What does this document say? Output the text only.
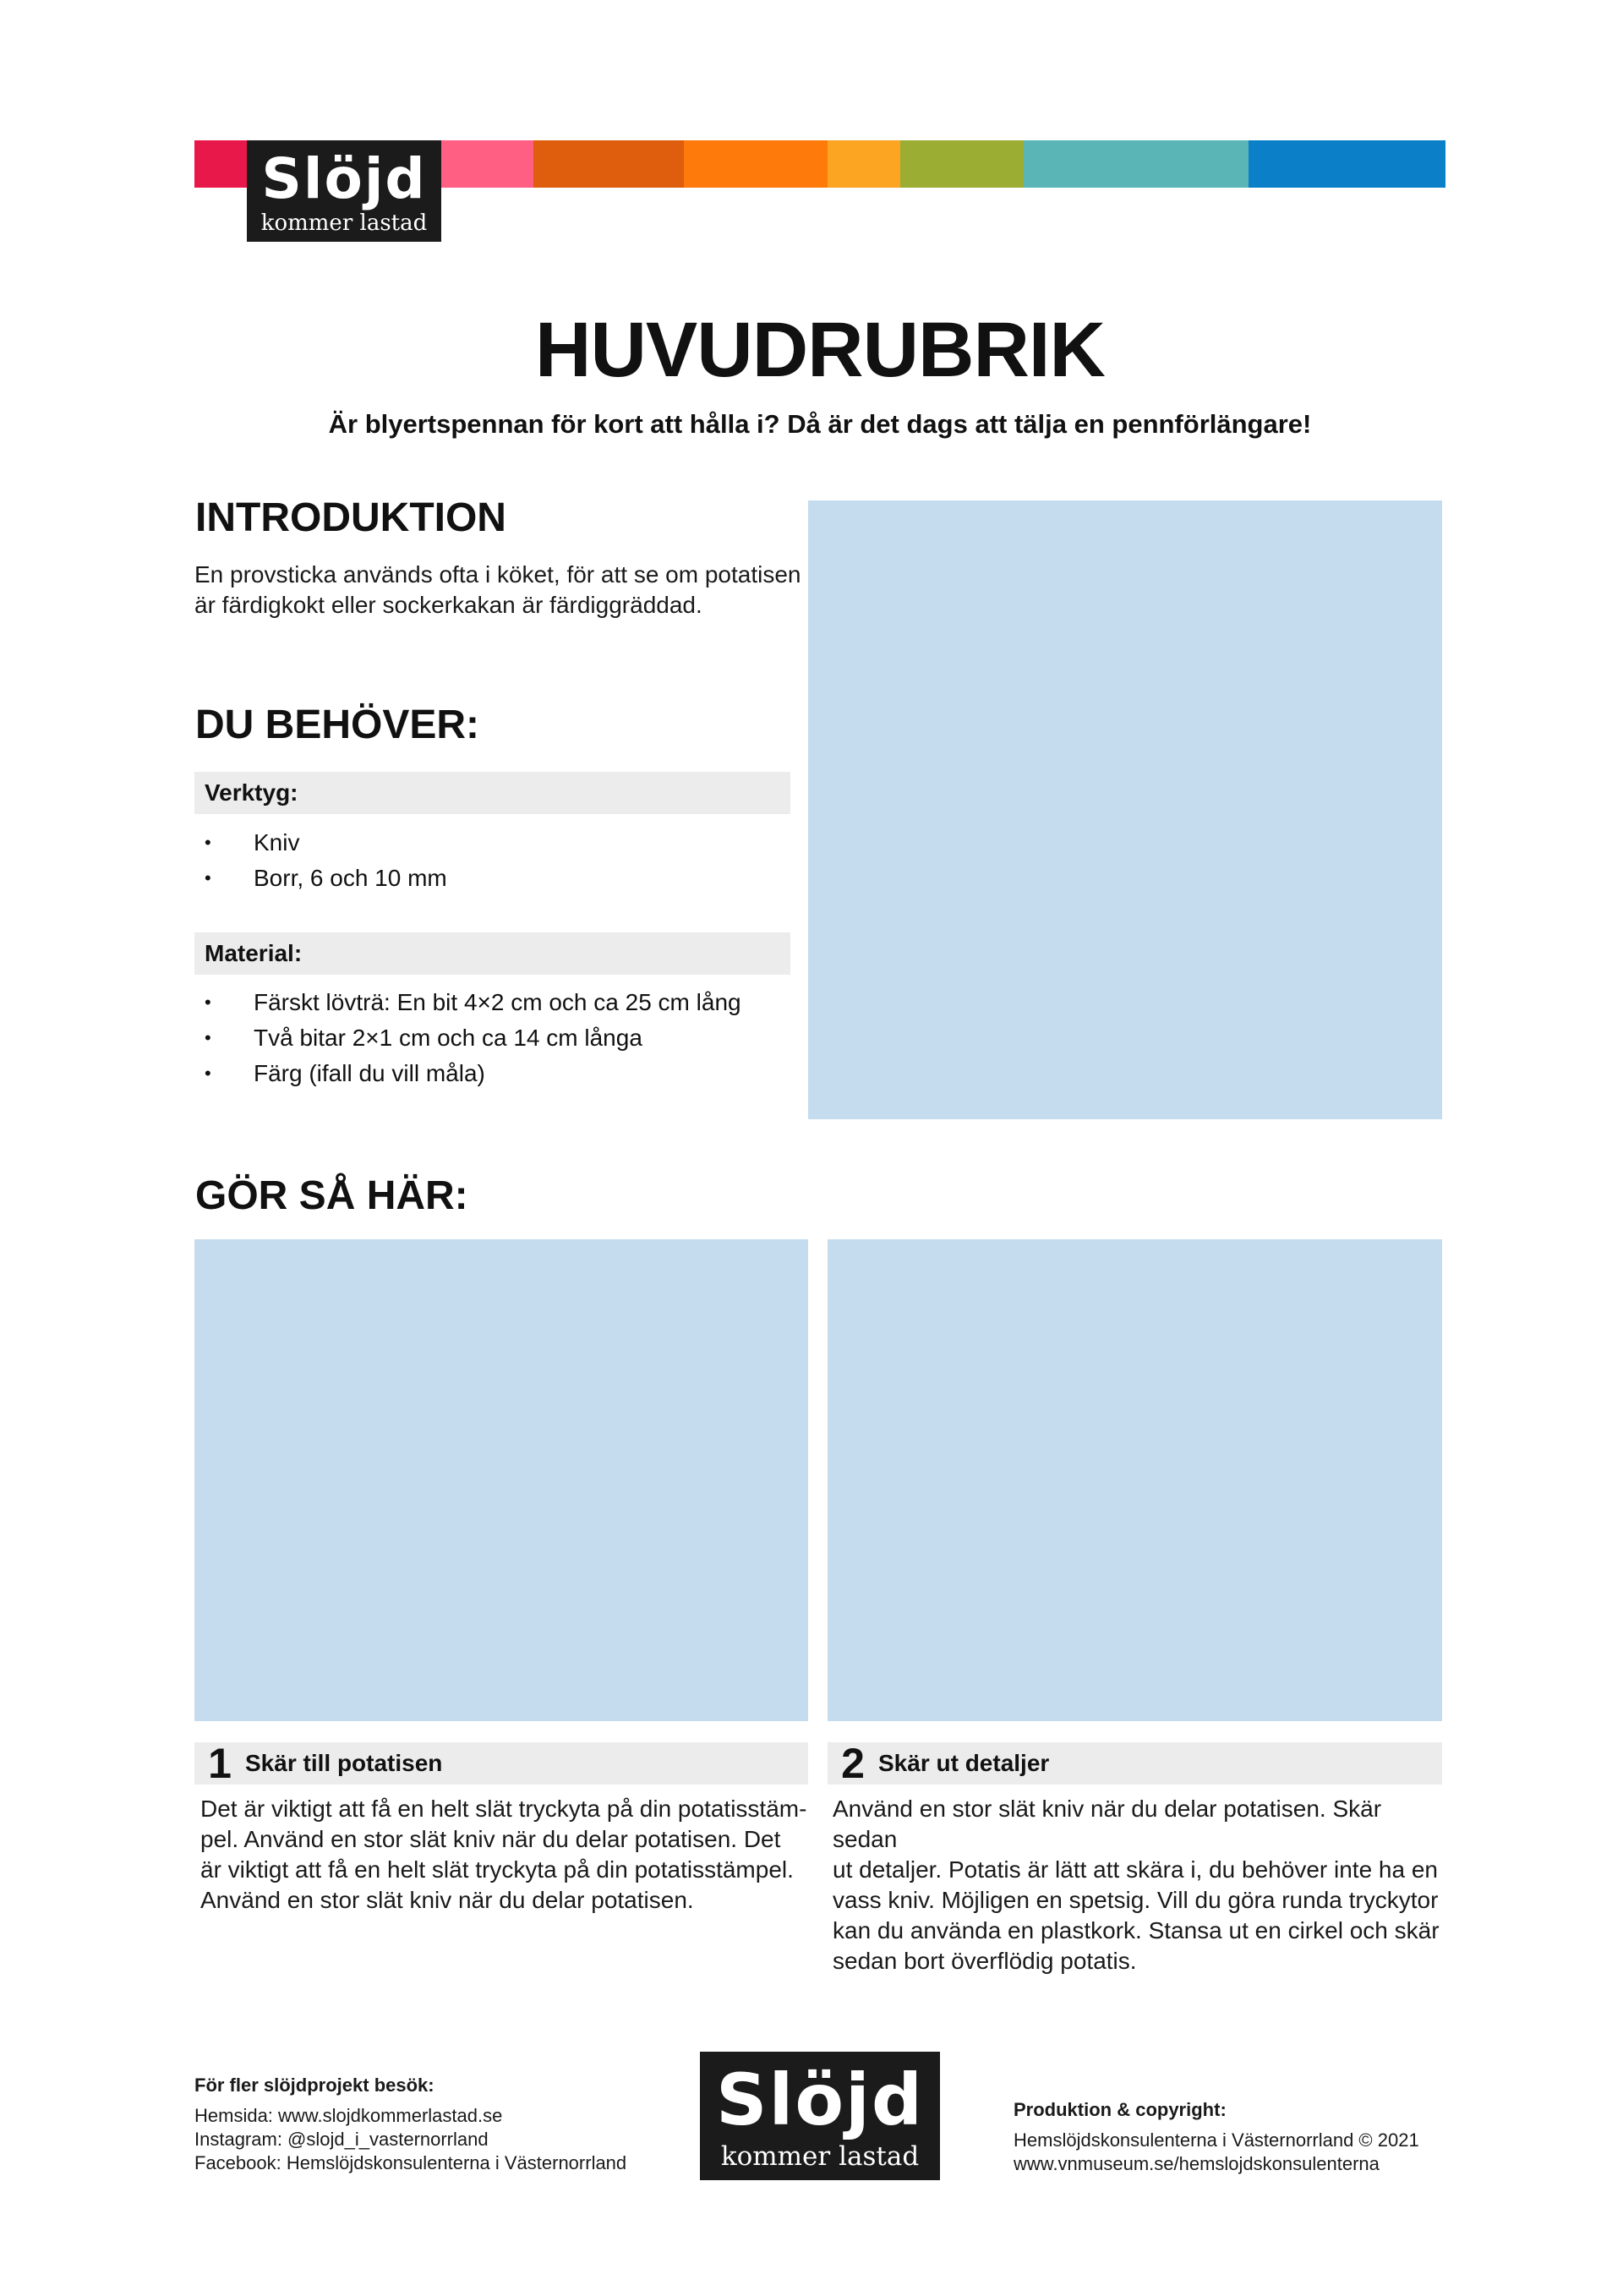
Slöjd
kommer lastad
HUVUDRUBRIK
Är blyertspennan för kort att hålla i? Då är det dags att tälja en pennförlängare!
INTRODUKTION
En provsticka används ofta i köket, för att se om potatisen
är färdigkokt eller sockerkakan är färdiggräddad.
DU BEHÖVER:
Verktyg:
• Kniv
• Borr, 6 och 10 mm
Material:
• Färskt lövträ: En bit 4×2 cm och ca 25 cm lång
• Två bitar 2×1 cm och ca 14 cm långa
• Färg (ifall du vill måla)
GÖR SÅ HÄR:
1 Skär till potatisen
Det är viktigt att få en helt slät tryckyta på din potatisstäm-
pel. Använd en stor slät kniv när du delar potatisen. Det
är viktigt att få en helt slät tryckyta på din potatisstämpel.
Använd en stor slät kniv när du delar potatisen.
2 Skär ut detaljer
Använd en stor slät kniv när du delar potatisen. Skär sedan
ut detaljer. Potatis är lätt att skära i, du behöver inte ha en
vass kniv. Möjligen en spetsig. Vill du göra runda tryckytor
kan du använda en plastkork. Stansa ut en cirkel och skär
sedan bort överflödig potatis.
För fler slöjdprojekt besök:
Hemsida: www.slojdkommerlastad.se
Instagram: @slojd_i_vasternorrland
Facebook: Hemslöjdskonsulenterna i Västernorrland
Slöjd
kommer lastad
Produktion & copyright:
Hemslöjdskonsulenterna i Västernorrland © 2021
www.vnmuseum.se/hemslojdskonsulenterna
